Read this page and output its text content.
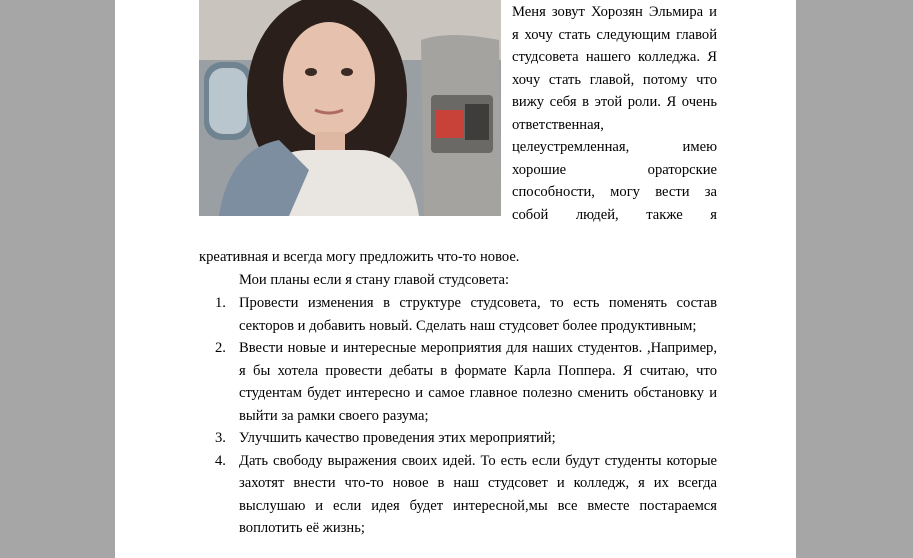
Меня зовут Хорозян Эльмира и я хочу стать следующим главой студсовета нашего колледжа. Я хочу стать главой, потому что вижу себя в этой роли. Я очень ответственная, целеустремленная, имею хорошие ораторские способности, могу вести за собой людей, также я

креативная и всегда могу предложить что-то новое.

Мои планы если я стану главой студсовета:

1. Провести изменения в структуре студсовета, то есть поменять состав секторов и добавить новый. Сделать наш студсовет более продуктивным;
2. Ввести новые и интересные мероприятия для наших студентов. ,Например, я бы хотела провести дебаты в формате Карла Поппера. Я считаю, что студентам будет интересно и самое главное полезно сменить обстановку и выйти за рамки своего разума;
3. Улучшить качество проведения этих мероприятий;
4. Дать свободу выражения своих идей. То есть если будут студенты которые захотят внести что-то новое в наш студсовет и колледж, я их всегда выслушаю и если идея будет интересной,мы все вместе постараемся воплотить её жизнь;
